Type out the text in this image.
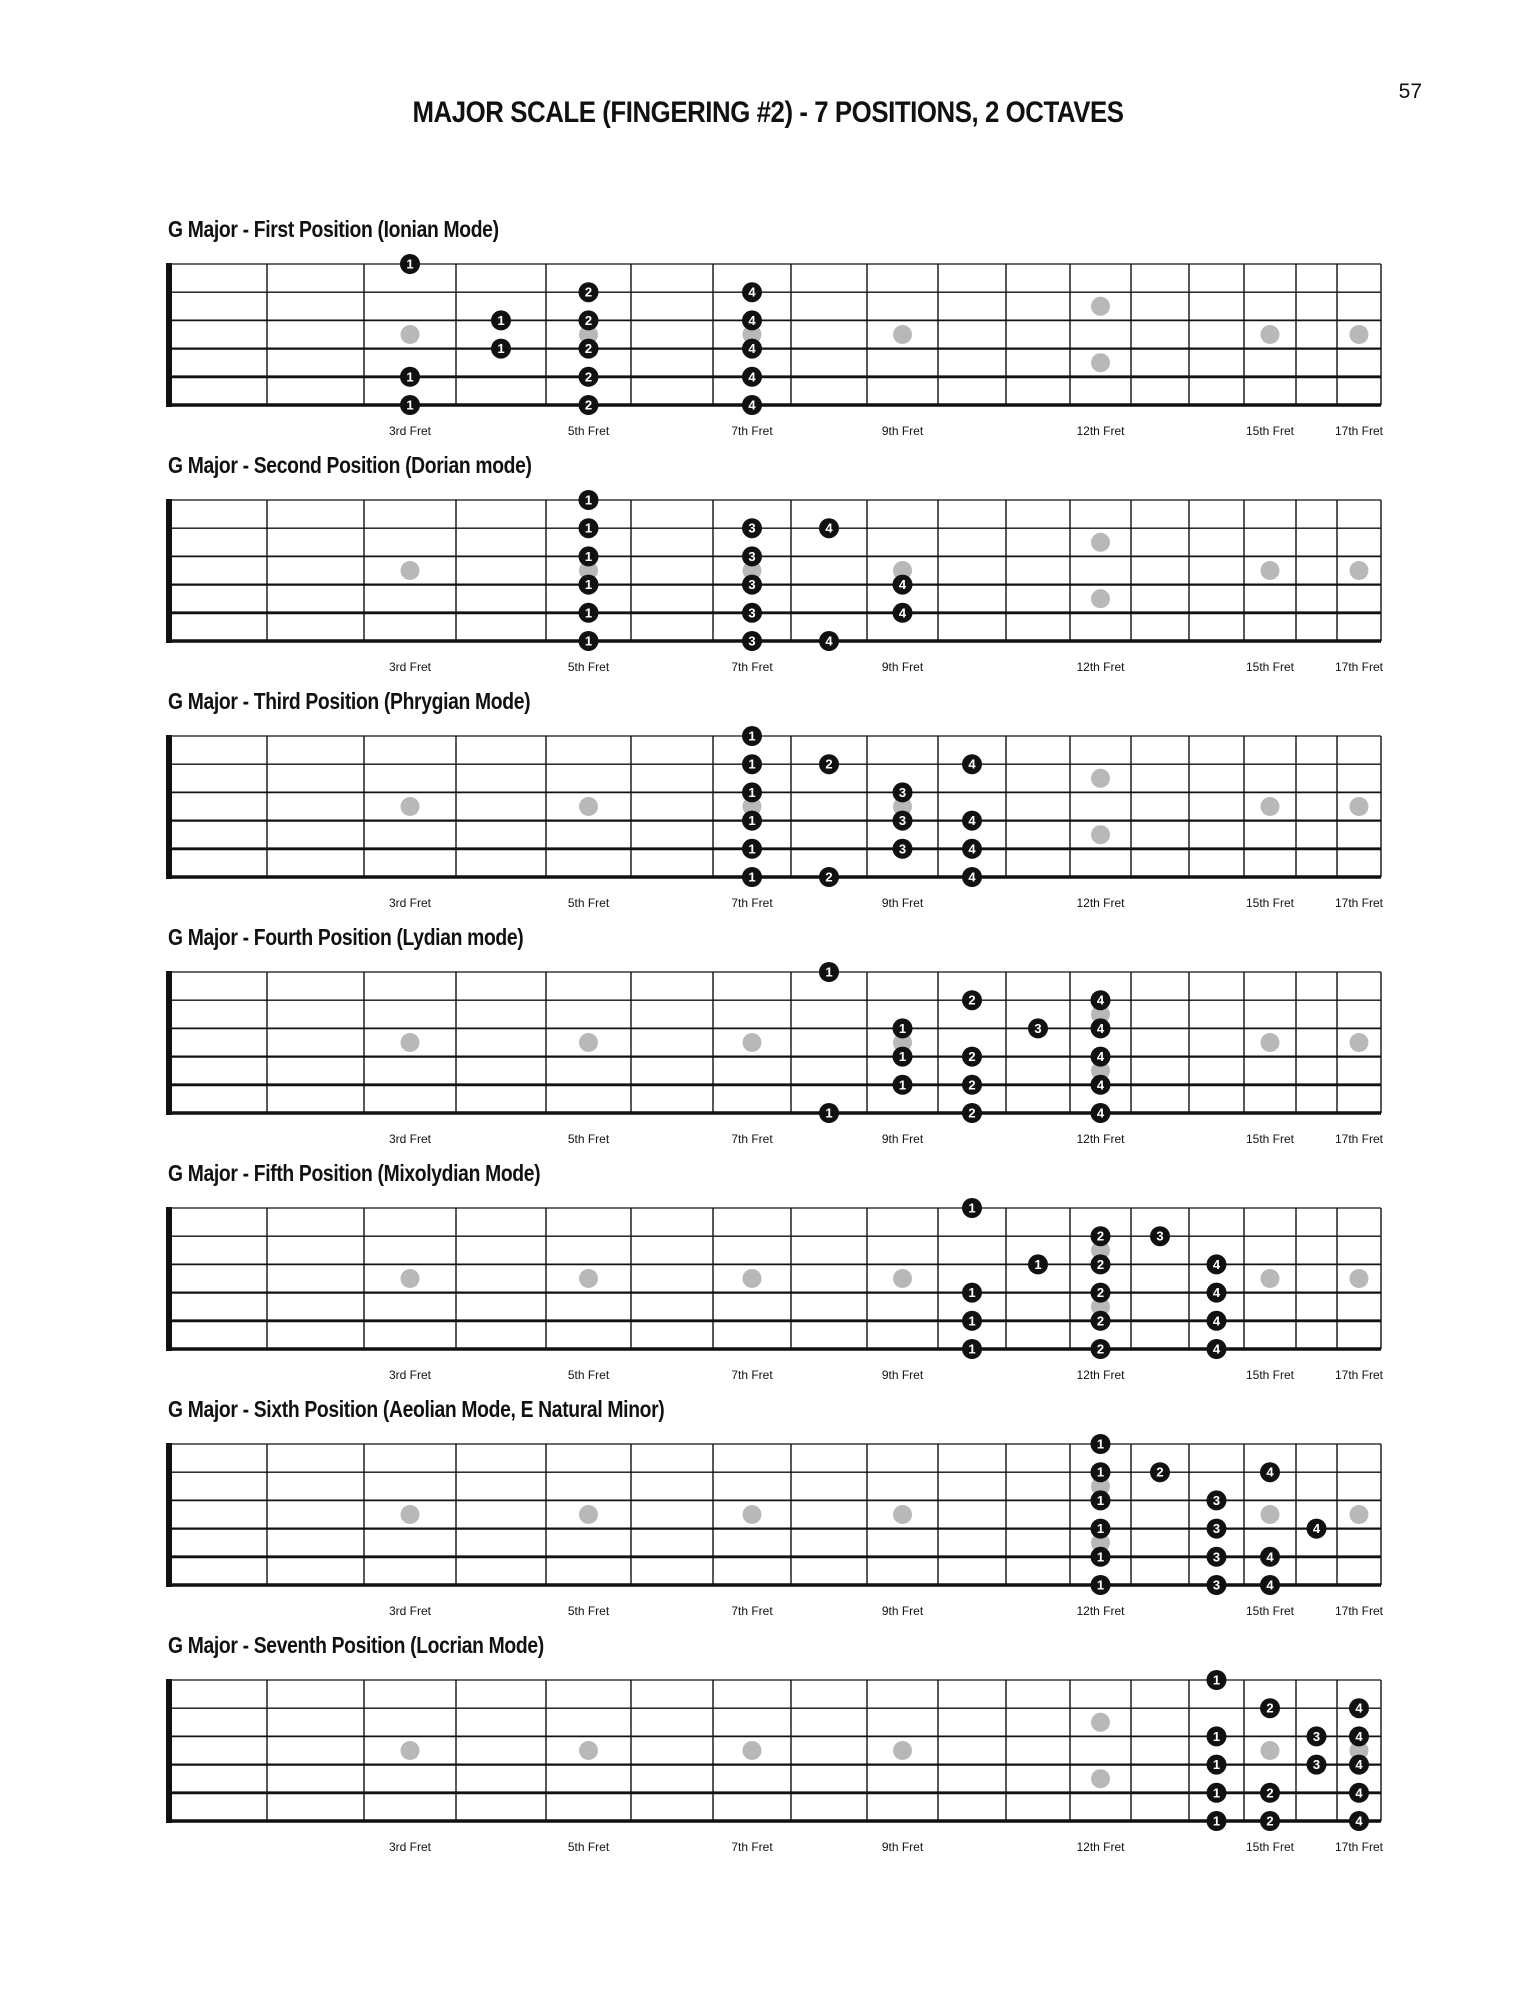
57
MAJOR SCALE (FINGERING #2) - 7 POSITIONS, 2 OCTAVES
G Major - First Position (Ionian Mode)
3rd Fret	5th Fret	7th Fret	9th Fret	12th Fret	15th Fret	17th Fret
1
2	4
1	2	4
1	2	4
1	2	4
1	2	4
G Major - Second Position (Dorian mode)
3rd Fret	5th Fret	7th Fret	9th Fret	12th Fret	15th Fret	17th Fret
1
1	3	4
1	3
1	3	4
1	3	4
1	3	4
G Major - Third Position (Phrygian Mode)
3rd Fret	5th Fret	7th Fret	9th Fret	12th Fret	15th Fret	17th Fret
1
1	2	4
1	3
1	3	4
1	3	4
1	2	4
G Major - Fourth Position (Lydian mode)
3rd Fret	5th Fret	7th Fret	9th Fret	12th Fret	15th Fret	17th Fret
1
2	4
1	3	4
1	2	4
1	2	4
1	2	4
G Major - Fifth Position (Mixolydian Mode)
3rd Fret	5th Fret	7th Fret	9th Fret	12th Fret	15th Fret	17th Fret
1
2	3
1	2	4
1	2	4
1	2	4
1	2	4
G Major - Sixth Position (Aeolian Mode, E Natural Minor)
3rd Fret	5th Fret	7th Fret	9th Fret	12th Fret	15th Fret	17th Fret
1
1	2	4
1	3
1	3	4
1	3	4
1	3	4
G Major - Seventh Position (Locrian Mode)
3rd Fret	5th Fret	7th Fret	9th Fret	12th Fret	15th Fret	17th Fret
1
2	4
1	3	4
1	3	4
1	2	4
1	2	4
